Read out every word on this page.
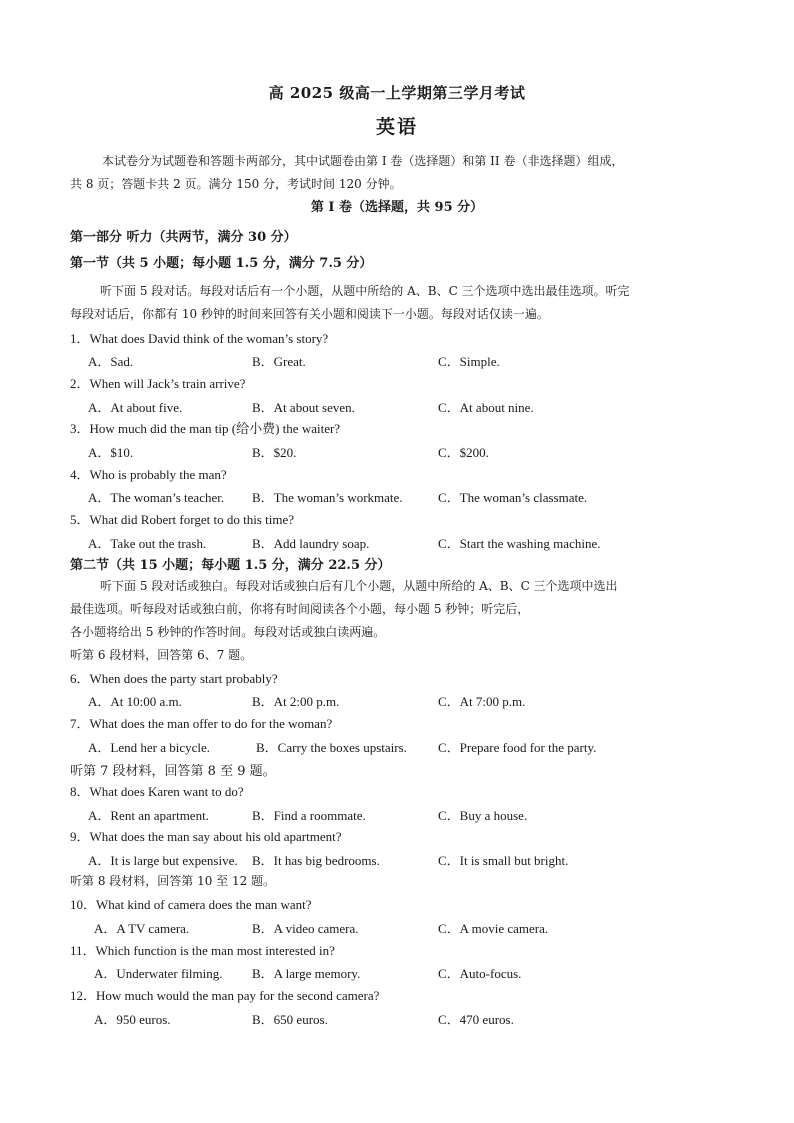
高 2025 级高一上学期第三学月考试
英语
本试卷分为试题卷和答题卡两部分，其中试题卷由第 I 卷（选择题）和第 II 卷（非选择题）组成，
共 8 页；答题卡共 2 页。满分 150 分，考试时间 120 分钟。
第 I 卷（选择题，共 95 分）
第一部分 听力（共两节，满分 30 分）
第一节（共 5 小题；每小题 1.5 分，满分 7.5 分）
听下面 5 段对话。每段对话后有一个小题，从题中所给的 A、B、C 三个选项中选出最佳选项。听完
每段对话后，你都有 10 秒钟的时间来回答有关小题和阅读下一小题。每段对话仅读一遍。
1．What does David think of the woman’s story?
A．Sad.	B．Great.	C．Simple.
2．When will Jack’s train arrive?
A．At about five.	B．At about seven.	C．At about nine.
3．How much did the man tip (给小费) the waiter?
A．$10.	B．$20.	C．$200.
4．Who is probably the man?
A．The woman’s teacher. B．The woman’s workmate.	C．The woman’s classmate.
5．What did Robert forget to do this time?
A．Take out the trash.	B．Add laundry soap.	C．Start the washing machine.
第二节（共 15 小题；每小题 1.5 分，满分 22.5 分）
听下面 5 段对话或独白。每段对话或独白后有几个小题，从题中所给的 A、B、C 三个选项中选出
最佳选项。听每段对话或独白前，你将有时间阅读各个小题，每小题 5 秒钟；听完后，
各小题将给出 5 秒钟的作答时间。每段对话或独白读两遍。
听第 6 段材料，回答第 6、7 题。
6．When does the party start probably?
A．At 10:00 a.m.	B．At 2:00 p.m.	C．At 7:00 p.m.
7．What does the man offer to do for the woman?
A．Lend her a bicycle.	B．Carry the boxes upstairs. C．Prepare food for the party.
听第 7 段材料，回答第 8 至 9 题。
8．What does Karen want to do?
A．Rent an apartment.	B．Find a roommate.	C．Buy a house.
9．What does the man say about his old apartment?
A．It is large but expensive. B．It has big bedrooms.	C．It is small but bright.
听第 8 段材料，回答第 10 至 12 题。
10．What kind of camera does the man want?
A．A TV camera.	B．A video camera.	C．A movie camera.
11．Which function is the man most interested in?
A．Underwater filming. B．A large memory.	C．Auto-focus.
12．How much would the man pay for the second camera?
A．950 euros.	B．650 euros.	C．470 euros.
